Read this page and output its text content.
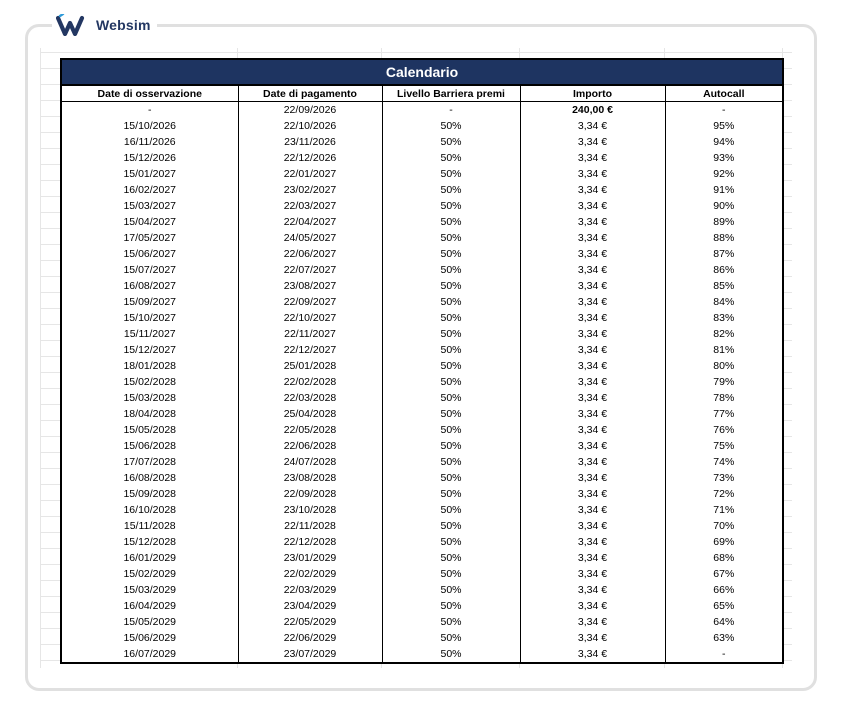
Websim
Calendario				
Date di osservazione	Date di pagamento	Livello Barriera premi	Importo	Autocall
-	22/09/2026	-	240,00 €	-
15/10/2026	22/10/2026	50%	3,34 €	95%
16/11/2026	23/11/2026	50%	3,34 €	94%
15/12/2026	22/12/2026	50%	3,34 €	93%
15/01/2027	22/01/2027	50%	3,34 €	92%
16/02/2027	23/02/2027	50%	3,34 €	91%
15/03/2027	22/03/2027	50%	3,34 €	90%
15/04/2027	22/04/2027	50%	3,34 €	89%
17/05/2027	24/05/2027	50%	3,34 €	88%
15/06/2027	22/06/2027	50%	3,34 €	87%
15/07/2027	22/07/2027	50%	3,34 €	86%
16/08/2027	23/08/2027	50%	3,34 €	85%
15/09/2027	22/09/2027	50%	3,34 €	84%
15/10/2027	22/10/2027	50%	3,34 €	83%
15/11/2027	22/11/2027	50%	3,34 €	82%
15/12/2027	22/12/2027	50%	3,34 €	81%
18/01/2028	25/01/2028	50%	3,34 €	80%
15/02/2028	22/02/2028	50%	3,34 €	79%
15/03/2028	22/03/2028	50%	3,34 €	78%
18/04/2028	25/04/2028	50%	3,34 €	77%
15/05/2028	22/05/2028	50%	3,34 €	76%
15/06/2028	22/06/2028	50%	3,34 €	75%
17/07/2028	24/07/2028	50%	3,34 €	74%
16/08/2028	23/08/2028	50%	3,34 €	73%
15/09/2028	22/09/2028	50%	3,34 €	72%
16/10/2028	23/10/2028	50%	3,34 €	71%
15/11/2028	22/11/2028	50%	3,34 €	70%
15/12/2028	22/12/2028	50%	3,34 €	69%
16/01/2029	23/01/2029	50%	3,34 €	68%
15/02/2029	22/02/2029	50%	3,34 €	67%
15/03/2029	22/03/2029	50%	3,34 €	66%
16/04/2029	23/04/2029	50%	3,34 €	65%
15/05/2029	22/05/2029	50%	3,34 €	64%
15/06/2029	22/06/2029	50%	3,34 €	63%
16/07/2029	23/07/2029	50%	3,34 €	-
